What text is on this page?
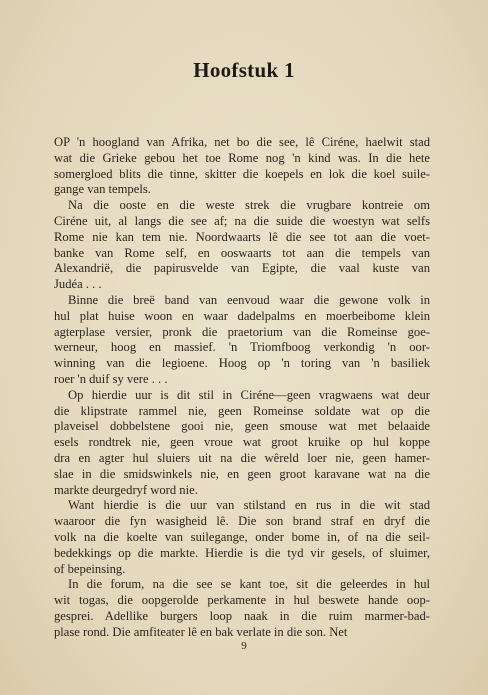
Hoofstuk 1
OP 'n hoogland van Afrika, net bo die see, lê Ciréne, haelwit stad
wat die Grieke gebou het toe Rome nog 'n kind was. In die hete
somergloed blits die tinne, skitter die koepels en lok die koel suile-
gange van tempels.
Na die ooste en die weste strek die vrugbare kontreie om
Ciréne uit, al langs die see af; na die suide die woestyn wat selfs
Rome nie kan tem nie. Noordwaarts lê die see tot aan die voet-
banke van Rome self, en ooswaarts tot aan die tempels van
Alexandrië, die papirusvelde van Egipte, die vaal kuste van
Judéa . . .
Binne die breë band van eenvoud waar die gewone volk in
hul plat huise woon en waar dadelpalms en moerbeibome klein
agterplase versier, pronk die praetorium van die Romeinse goe-
werneur, hoog en massief. 'n Triomfboog verkondig 'n oor-
winning van die legioene. Hoog op 'n toring van 'n basiliek
roer 'n duif sy vere . . .
Op hierdie uur is dit stil in Ciréne—geen vragwaens wat deur
die klipstrate rammel nie, geen Romeinse soldate wat op die
plaveisel dobbelstene gooi nie, geen smouse wat met belaaide
esels rondtrek nie, geen vroue wat groot kruike op hul koppe
dra en agter hul sluiers uit na die wêreld loer nie, geen hamer-
slae in die smidswinkels nie, en geen groot karavane wat na die
markte deurgedryf word nie.
Want hierdie is die uur van stilstand en rus in die wit stad
waaroor die fyn wasigheid lê. Die son brand straf en dryf die
volk na die koelte van suilegange, onder bome in, of na die seil-
bedekkings op die markte. Hierdie is die tyd vir gesels, of sluimer,
of bepeinsing.
In die forum, na die see se kant toe, sit die geleerdes in hul
wit togas, die oopgerolde perkamente in hul beswete hande oop-
gesprei. Adellike burgers loop naak in die ruim marmer-bad-
plase rond. Die amfiteater lê en bak verlate in die son. Net
9
